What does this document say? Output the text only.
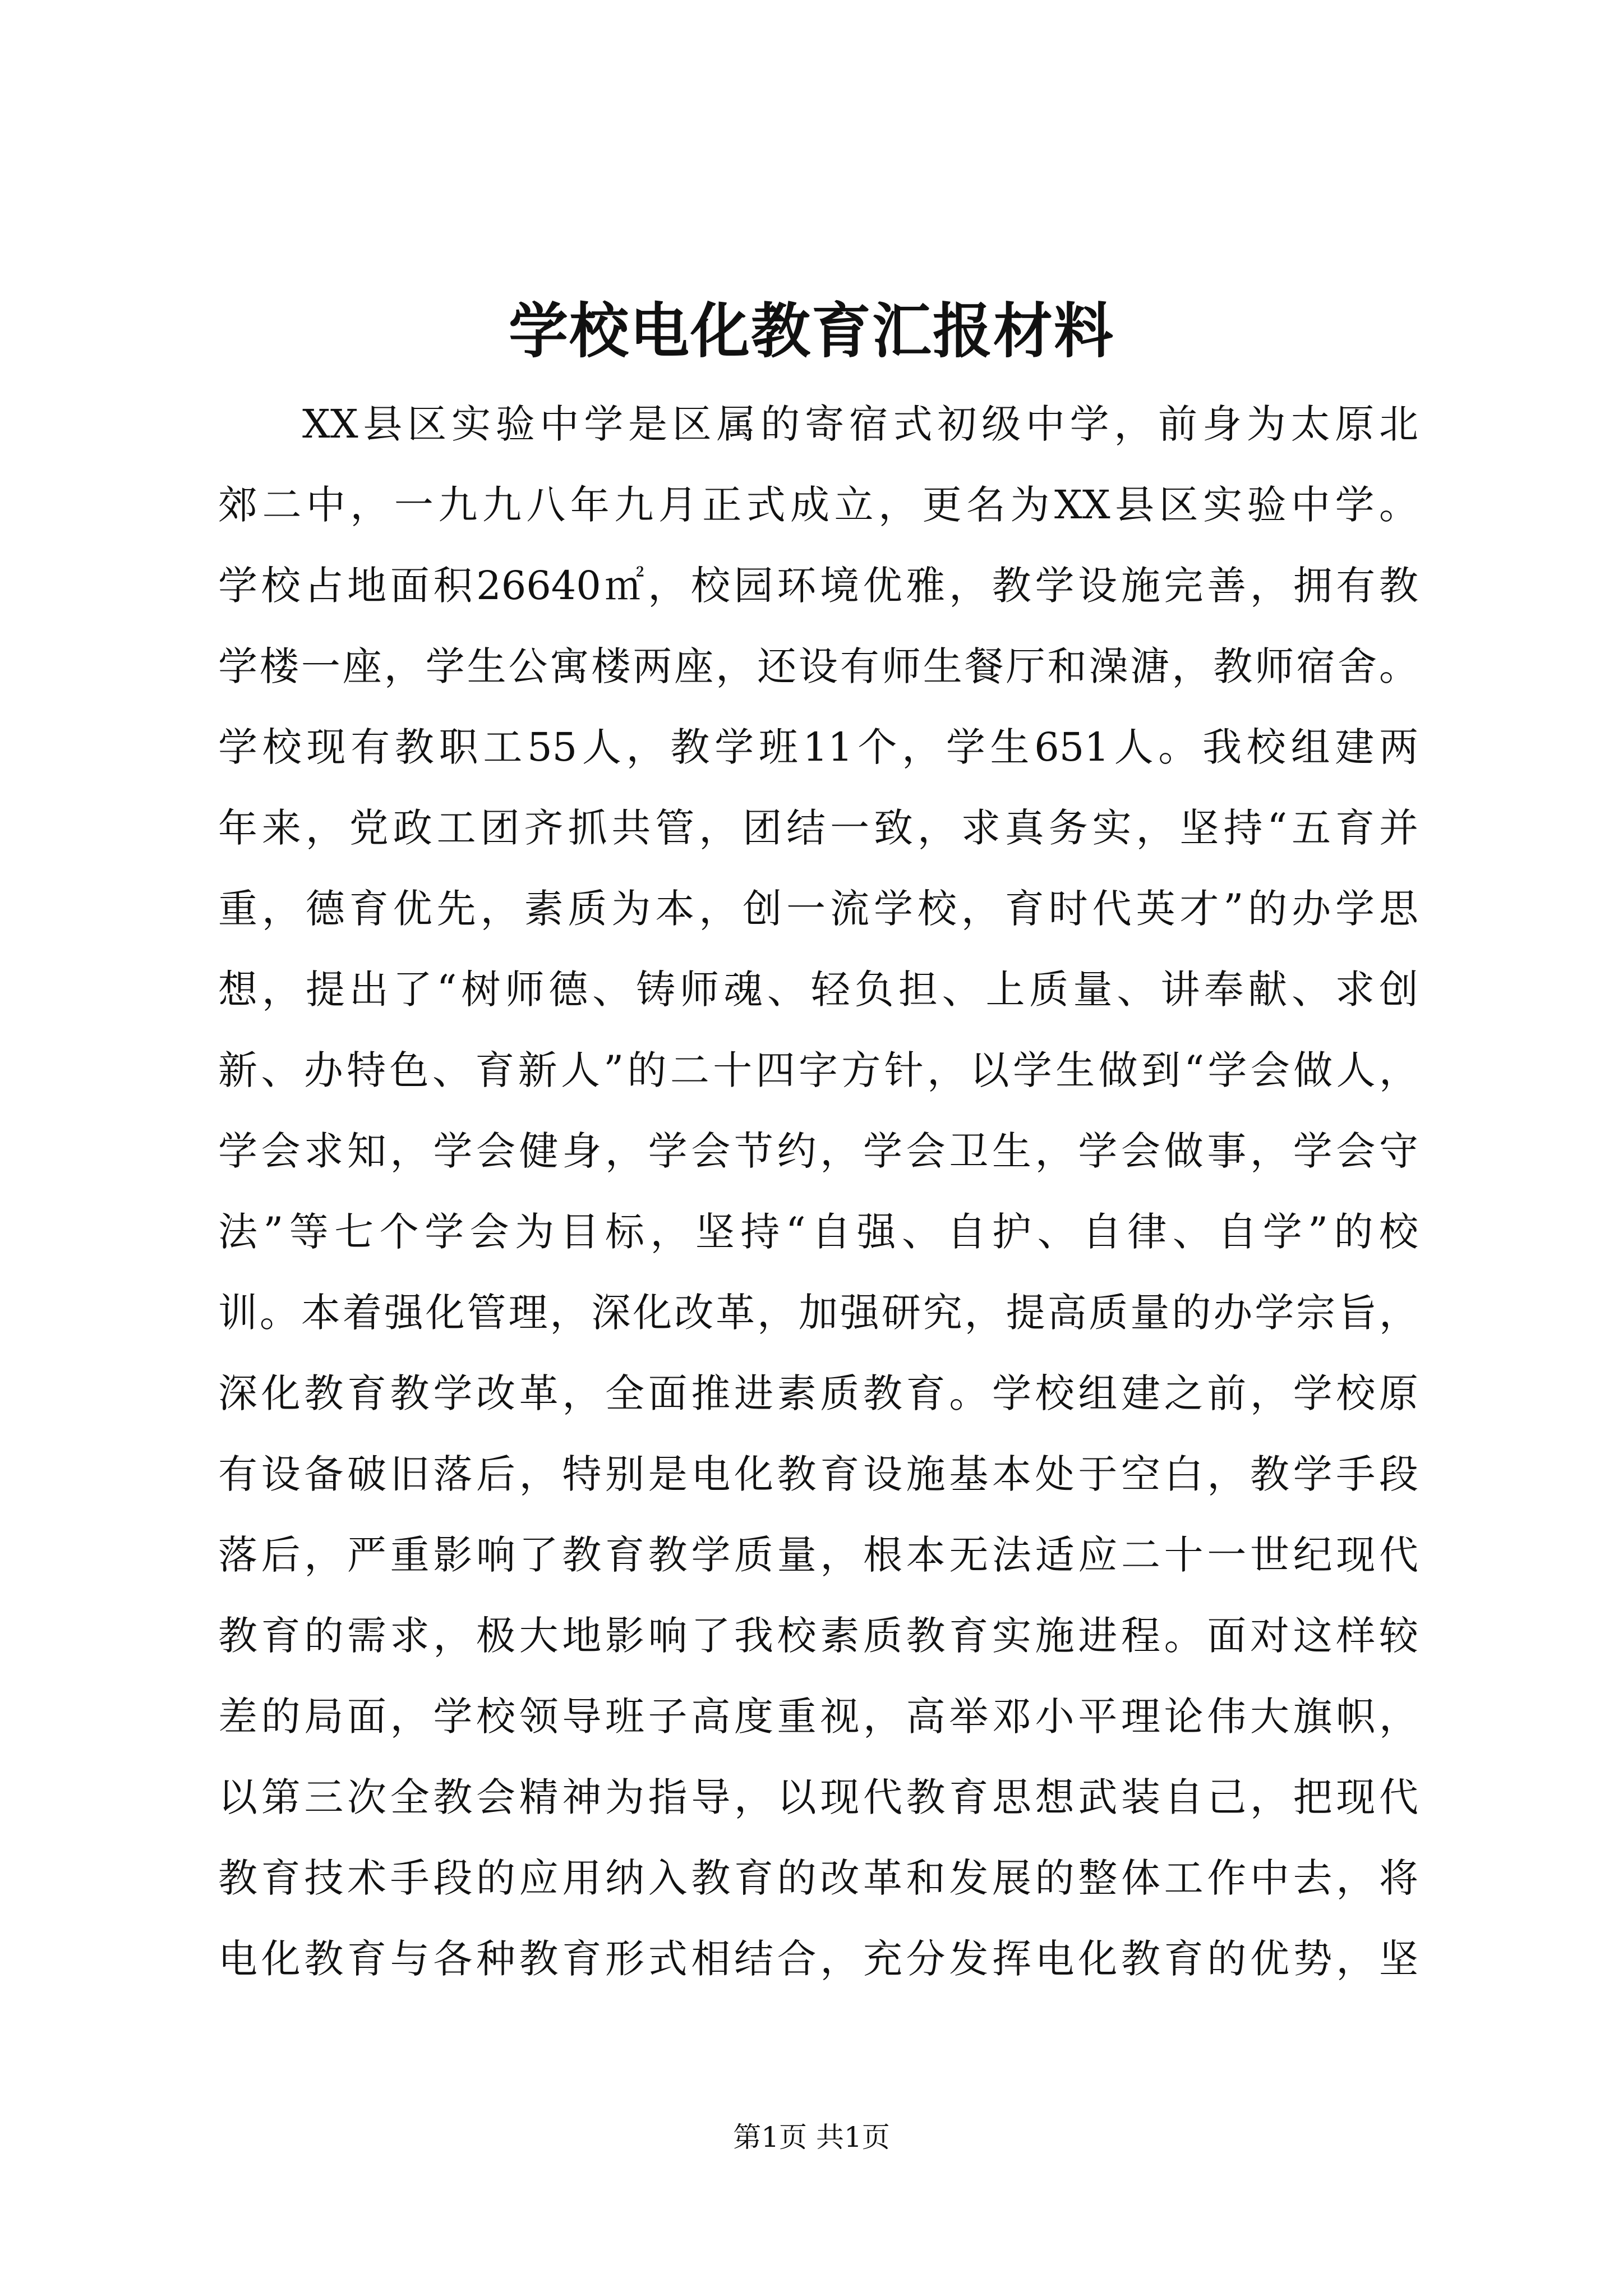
学校电化教育汇报材料
XX县区实验中学是区属的寄宿式初级中学，前身为太原北
郊二中，一九九八年九月正式成立，更名为XX县区实验中学。
学校占地面积26640㎡，校园环境优雅，教学设施完善，拥有教
学楼一座，学生公寓楼两座，还设有师生餐厅和澡溏，教师宿舍。
学校现有教职工55人，教学班11个，学生651人。我校组建两
年来，党政工团齐抓共管，团结一致，求真务实，坚持“五育并
重，德育优先，素质为本，创一流学校，育时代英才”的办学思
想，提出了“树师德、铸师魂、轻负担、上质量、讲奉献、求创
新、办特色、育新人”的二十四字方针，以学生做到“学会做人，
学会求知，学会健身，学会节约，学会卫生，学会做事，学会守
法”等七个学会为目标，坚持“自强、自护、自律、自学”的校
训。本着强化管理，深化改革，加强研究，提高质量的办学宗旨，
深化教育教学改革，全面推进素质教育。学校组建之前，学校原
有设备破旧落后，特别是电化教育设施基本处于空白，教学手段
落后，严重影响了教育教学质量，根本无法适应二十一世纪现代
教育的需求，极大地影响了我校素质教育实施进程。面对这样较
差的局面，学校领导班子高度重视，高举邓小平理论伟大旗帜，
以第三次全教会精神为指导，以现代教育思想武装自己，把现代
教育技术手段的应用纳入教育的改革和发展的整体工作中去，将
电化教育与各种教育形式相结合，充分发挥电化教育的优势，坚
第1页 共1页
